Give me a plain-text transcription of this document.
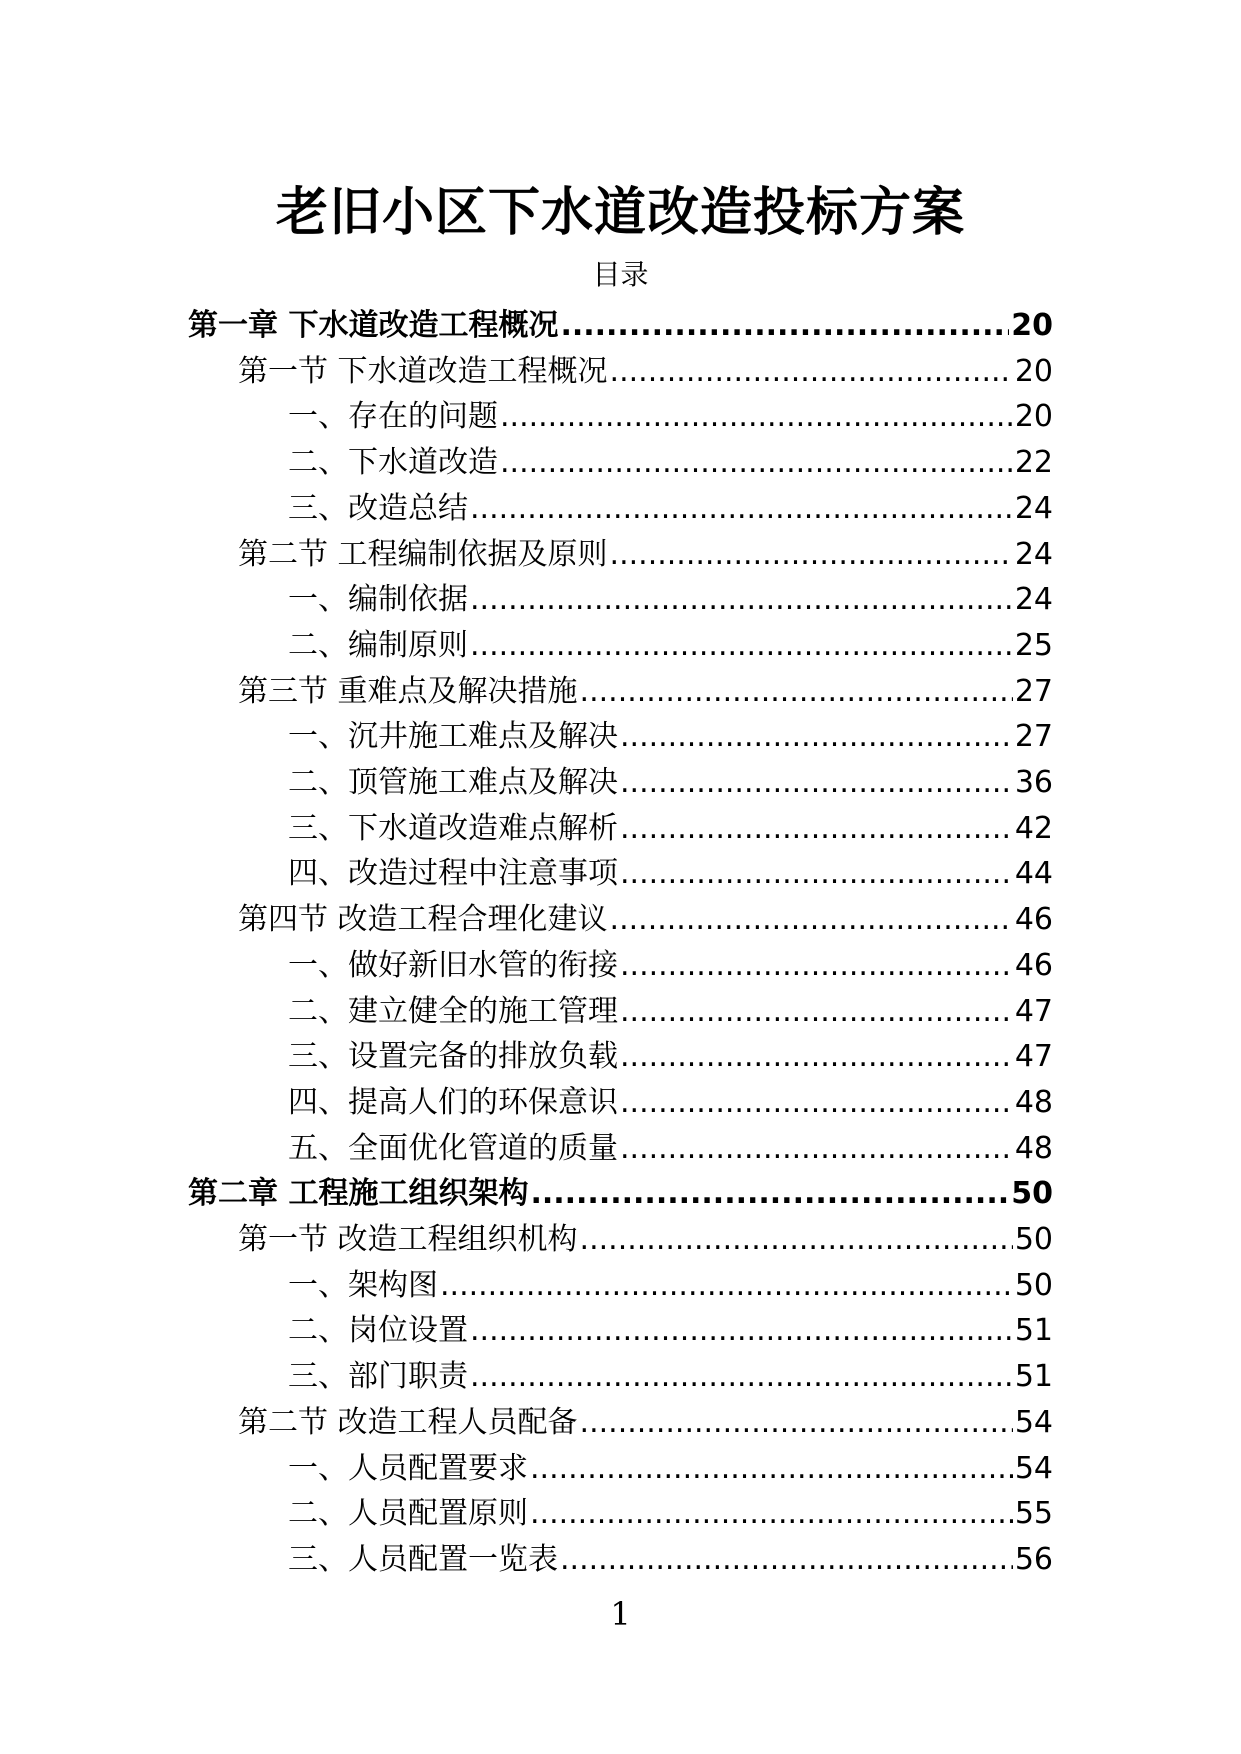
老旧小区下水道改造投标方案
目录
第一章 下水道改造工程概况 .....	20
第一节 下水道改造工程概况 .....	20
一、存在的问题 .....	20
二、下水道改造 .....	22
三、改造总结 .....	24
第二节 工程编制依据及原则 .....	24
一、编制依据 .....	24
二、编制原则 .....	25
第三节 重难点及解决措施 .....	27
一、沉井施工难点及解决 .....	27
二、顶管施工难点及解决 .....	36
三、下水道改造难点解析 .....	42
四、改造过程中注意事项 .....	44
第四节 改造工程合理化建议 .....	46
一、做好新旧水管的衔接 .....	46
二、建立健全的施工管理 .....	47
三、设置完备的排放负载 .....	47
四、提高人们的环保意识 .....	48
五、全面优化管道的质量 .....	48
第二章 工程施工组织架构 .....	50
第一节 改造工程组织机构 .....	50
一、架构图 .....	50
二、岗位设置 .....	51
三、部门职责 .....	51
第二节 改造工程人员配备 .....	54
一、人员配置要求 .....	54
二、人员配置原则 .....	55
三、人员配置一览表 .....	56
1
